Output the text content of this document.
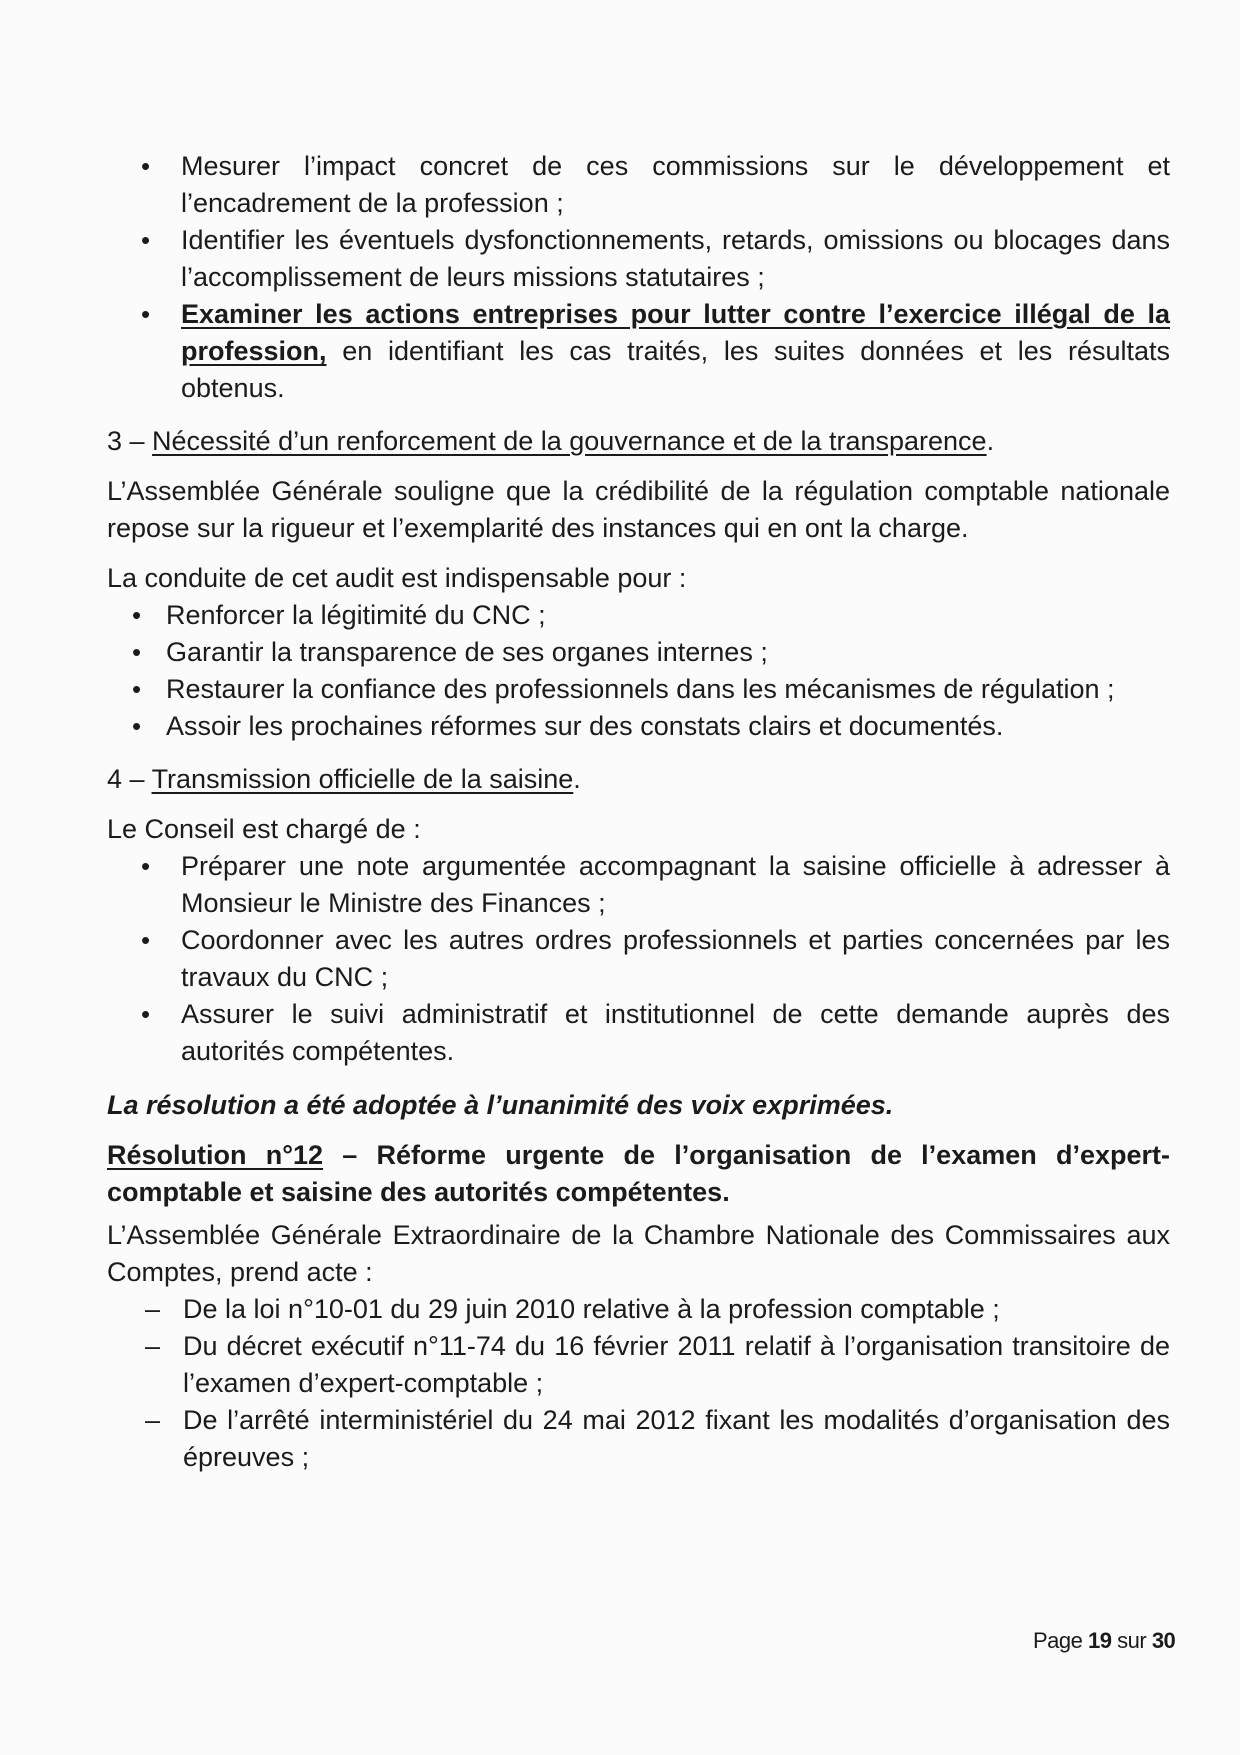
• Mesurer l’impact concret de ces commissions sur le développement et l’encadrement de la profession ;
• Identifier les éventuels dysfonctionnements, retards, omissions ou blocages dans l’accomplissement de leurs missions statutaires ;
• Examiner les actions entreprises pour lutter contre l’exercice illégal de la profession, en identifiant les cas traités, les suites données et les résultats obtenus.

3 – Nécessité d’un renforcement de la gouvernance et de la transparence.

L’Assemblée Générale souligne que la crédibilité de la régulation comptable nationale repose sur la rigueur et l’exemplarité des instances qui en ont la charge.

La conduite de cet audit est indispensable pour :

• Renforcer la légitimité du CNC ;
• Garantir la transparence de ses organes internes ;
• Restaurer la confiance des professionnels dans les mécanismes de régulation ;
• Assoir les prochaines réformes sur des constats clairs et documentés.

4 – Transmission officielle de la saisine.

Le Conseil est chargé de :

• Préparer une note argumentée accompagnant la saisine officielle à adresser à Monsieur le Ministre des Finances ;
• Coordonner avec les autres ordres professionnels et parties concernées par les travaux du CNC ;
• Assurer le suivi administratif et institutionnel de cette demande auprès des autorités compétentes.

La résolution a été adoptée à l’unanimité des voix exprimées.

Résolution n°12 – Réforme urgente de l’organisation de l’examen d’expert-comptable et saisine des autorités compétentes.

L’Assemblée Générale Extraordinaire de la Chambre Nationale des Commissaires aux Comptes, prend acte :

– De la loi n°10-01 du 29 juin 2010 relative à la profession comptable ;
– Du décret exécutif n°11-74 du 16 février 2011 relatif à l’organisation transitoire de l’examen d’expert-comptable ;
– De l’arrêté interministériel du 24 mai 2012 fixant les modalités d’organisation des épreuves ;
Page 19 sur 30
